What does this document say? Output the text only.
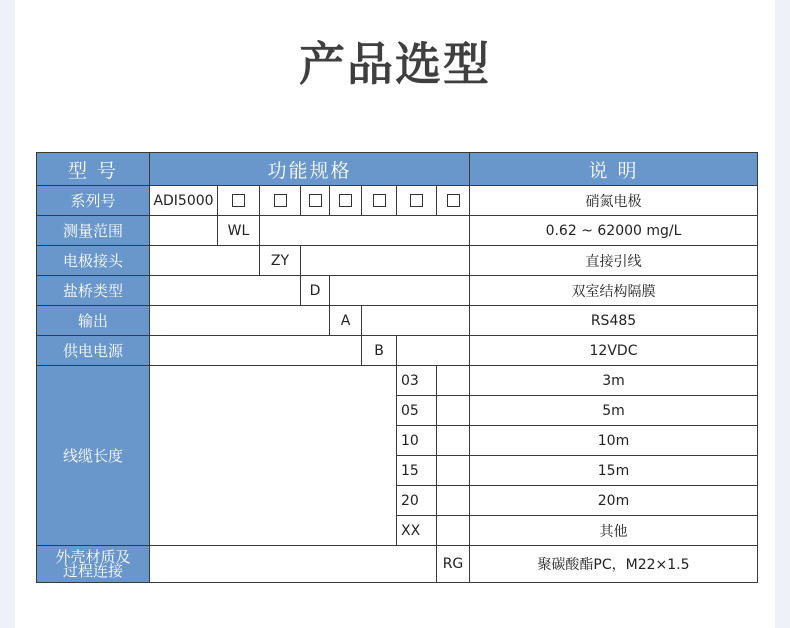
产品选型
型 号	功能规格								说 明
系列号	ADI5000								硝氮电极
测量范围		WL							0.62 ~ 62000 mg/L
电极接头			ZY						直接引线
盐桥类型				D					双室结构隔膜
输出					A				RS485
供电电源						B			12VDC
线缆长度							03		3m
							05		5m
							10		10m
							15		15m
							20		20m
							XX		其他
外壳材质及
过程连接								RG	聚碳酸酯PC，M22×1.5
